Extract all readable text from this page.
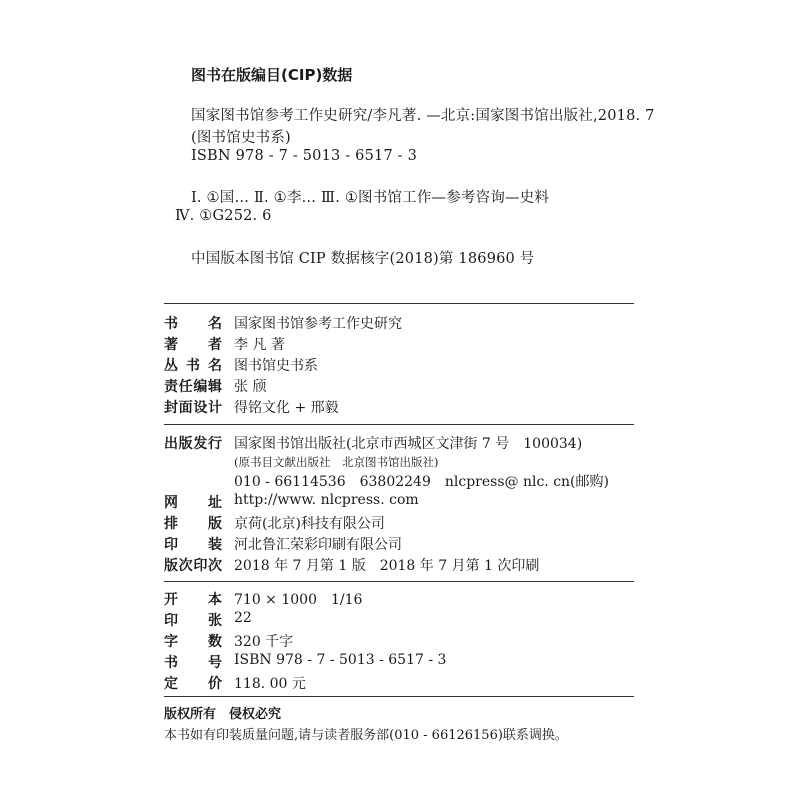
图书在版编目(CIP)数据
国家图书馆参考工作史研究/李凡著. —北京:国家图书馆出版社,2018. 7
(图书馆史书系)
ISBN 978 - 7 - 5013 - 6517 - 3
Ⅰ. ①国… Ⅱ. ①李… Ⅲ. ①图书馆工作—参考咨询—史料
Ⅳ. ①G252. 6
中国版本图书馆 CIP 数据核字(2018)第 186960 号
书　名 国家图书馆参考工作史研究
著　者 李 凡 著
丛书名 图书馆史书系
责任编辑 张 颀
封面设计 得铭文化 + 邢毅
出版发行 国家图书馆出版社(北京市西城区文津街 7 号　100034)
(原书目文献出版社　北京图书馆出版社)
010 - 66114536　63802249　nlcpress@ nlc. cn(邮购)
网　址 http://www. nlcpress. com
排　版 京荷(北京)科技有限公司
印　装 河北鲁汇荣彩印刷有限公司
版次印次 2018 年 7 月第 1 版　2018 年 7 月第 1 次印刷
开　本 710 × 1000　1/16
印　张 22
字　数 320 千字
书　号 ISBN 978 - 7 - 5013 - 6517 - 3
定　价 118. 00 元
版权所有　侵权必究
本书如有印装质量问题,请与读者服务部(010 - 66126156)联系调换。
